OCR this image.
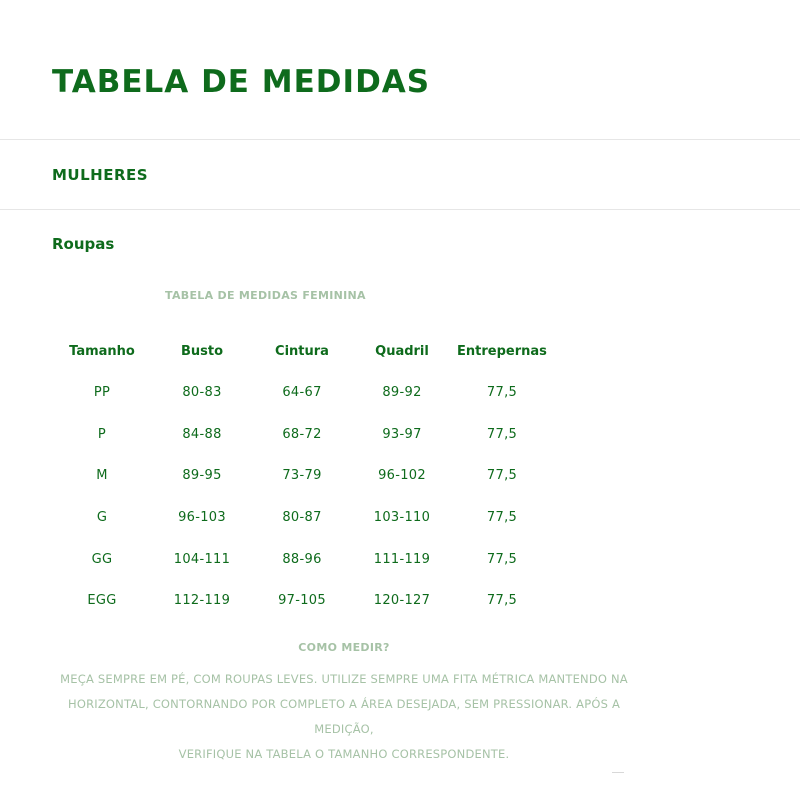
TABELA DE MEDIDAS
MULHERES
Roupas
TABELA DE MEDIDAS FEMININA
Tamanho	Busto	Cintura	Quadril	Entrepernas
PP	80-83	64-67	89-92	77,5
P	84-88	68-72	93-97	77,5
M	89-95	73-79	96-102	77,5
G	96-103	80-87	103-110	77,5
GG	104-111	88-96	111-119	77,5
EGG	112-119	97-105	120-127	77,5
COMO MEDIR?

MEÇA SEMPRE EM PÉ, COM ROUPAS LEVES. UTILIZE SEMPRE UMA FITA MÉTRICA MANTENDO NA
HORIZONTAL, CONTORNANDO POR COMPLETO A ÁREA DESEJADA, SEM PRESSIONAR. APÓS A MEDIÇÃO,
VERIFIQUE NA TABELA O TAMANHO CORRESPONDENTE.
